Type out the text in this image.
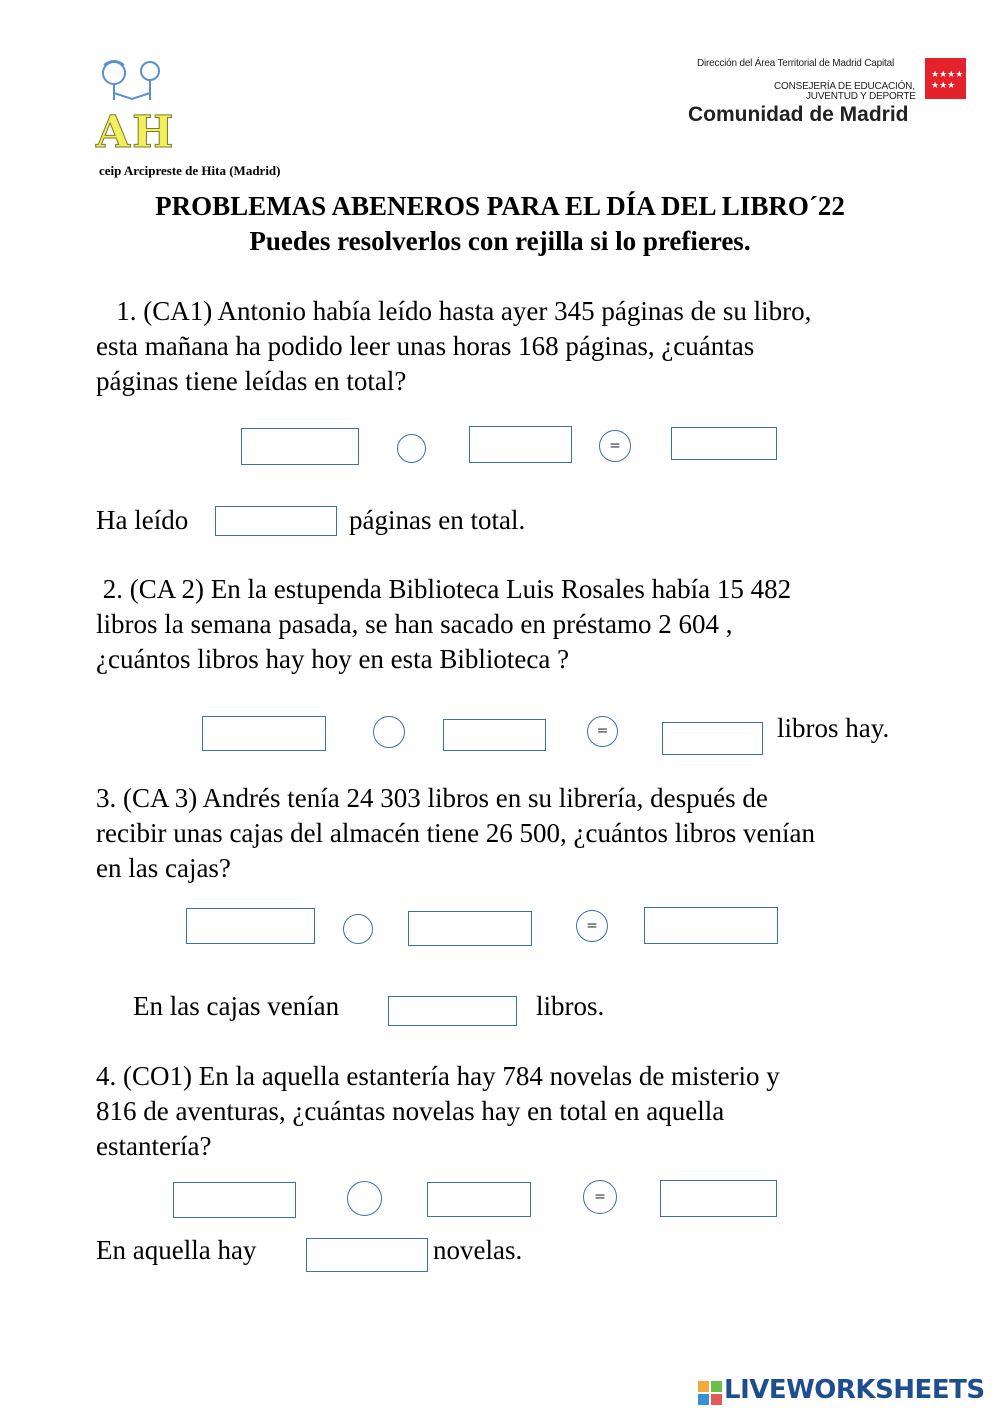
A H
ceip Arcipreste de Hita (Madrid)
Dirección del Área Territorial de Madrid Capital
CONSEJERÍA DE EDUCACIÓN,
JUVENTUD Y DEPORTE
★★★★
★★★
Comunidad de Madrid
PROBLEMAS ABENEROS PARA EL DÍA DEL LIBRO´22
Puedes resolverlos con rejilla si lo prefieres.
1. (CA1) Antonio había leído hasta ayer 345 páginas de su libro,
esta mañana ha podido leer unas horas 168 páginas, ¿cuántas
páginas tiene leídas en total?
=
Ha leído	páginas en total.
2. (CA 2) En la estupenda Biblioteca Luis Rosales había 15 482
libros la semana pasada, se han sacado en préstamo 2 604 ,
¿cuántos libros hay hoy en esta Biblioteca ?
=	libros hay.
3. (CA 3) Andrés tenía 24 303 libros en su librería, después de
recibir unas cajas del almacén tiene 26 500, ¿cuántos libros venían
en las cajas?
=
En las cajas venían	libros.
4. (CO1) En la aquella estantería hay 784 novelas de misterio y
816 de aventuras, ¿cuántas novelas hay en total en aquella
estantería?
=
En aquella hay	novelas.
LIVEWORKSHEETS
